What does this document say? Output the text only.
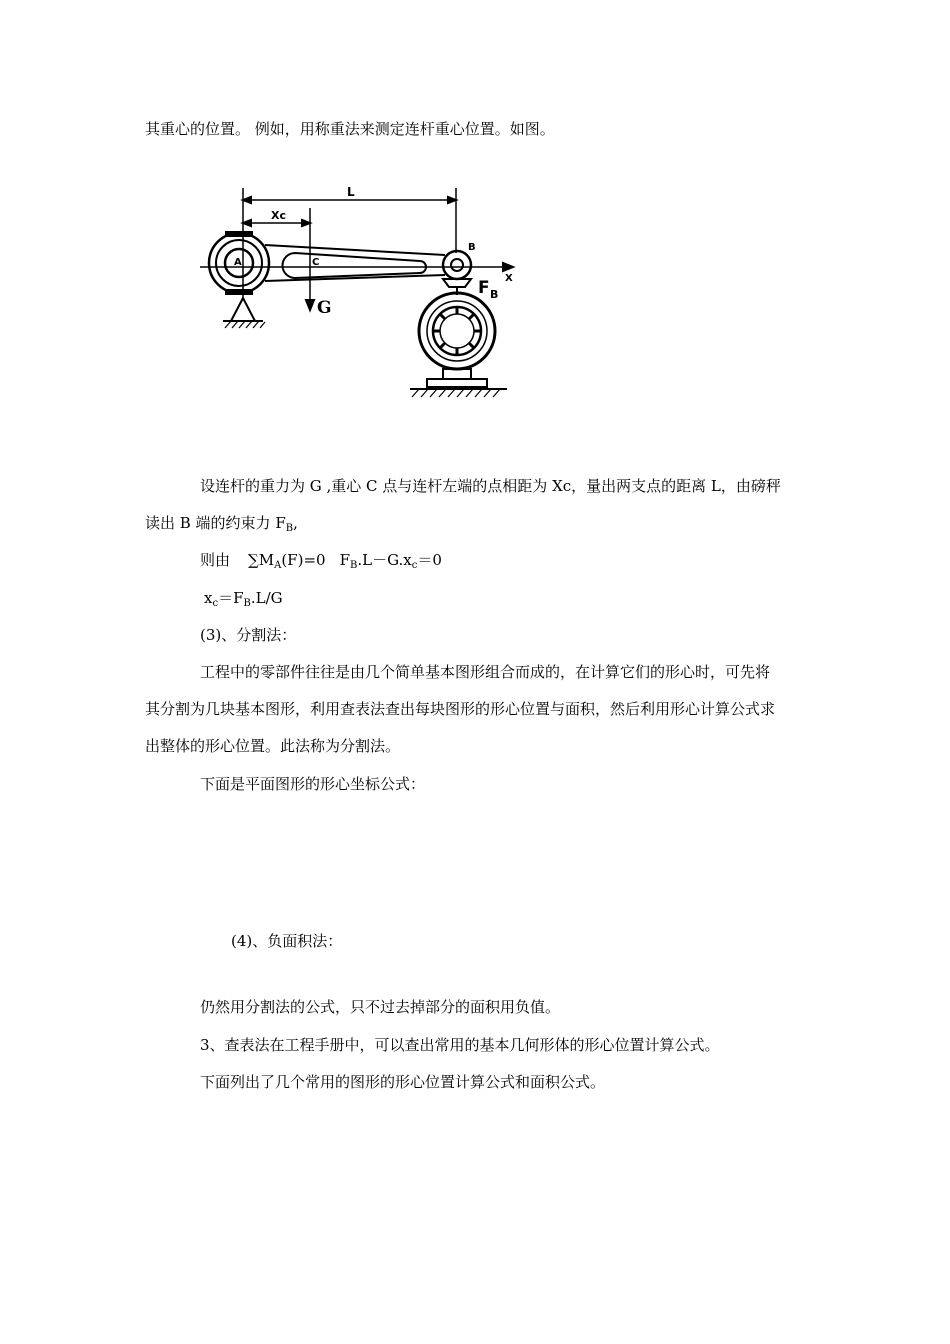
其重心的位置。 例如，用称重法来测定连杆重心位置。如图。
L
Xc
A	C
B
X
G
F B
设连杆的重力为 G ,重心 C 点与连杆左端的点相距为 Xc，量出两支点的距离 L，由磅秤
读出 B 端的约束力 $F_B$,
则由 $\sum M_A(F)=0$ $F_B.L-G.x_c=0$
$x_c=F_B.L/G$
(3)、分割法：
工程中的零部件往往是由几个简单基本图形组合而成的，在计算它们的形心时，可先将
其分割为几块基本图形，利用查表法查出每块图形的形心位置与面积，然后利用形心计算公式求
出整体的形心位置。此法称为分割法。
下面是平面图形的形心坐标公式：
(4)、负面积法：
仍然用分割法的公式，只不过去掉部分的面积用负值。
3、查表法在工程手册中，可以查出常用的基本几何形体的形心位置计算公式。
下面列出了几个常用的图形的形心位置计算公式和面积公式。
